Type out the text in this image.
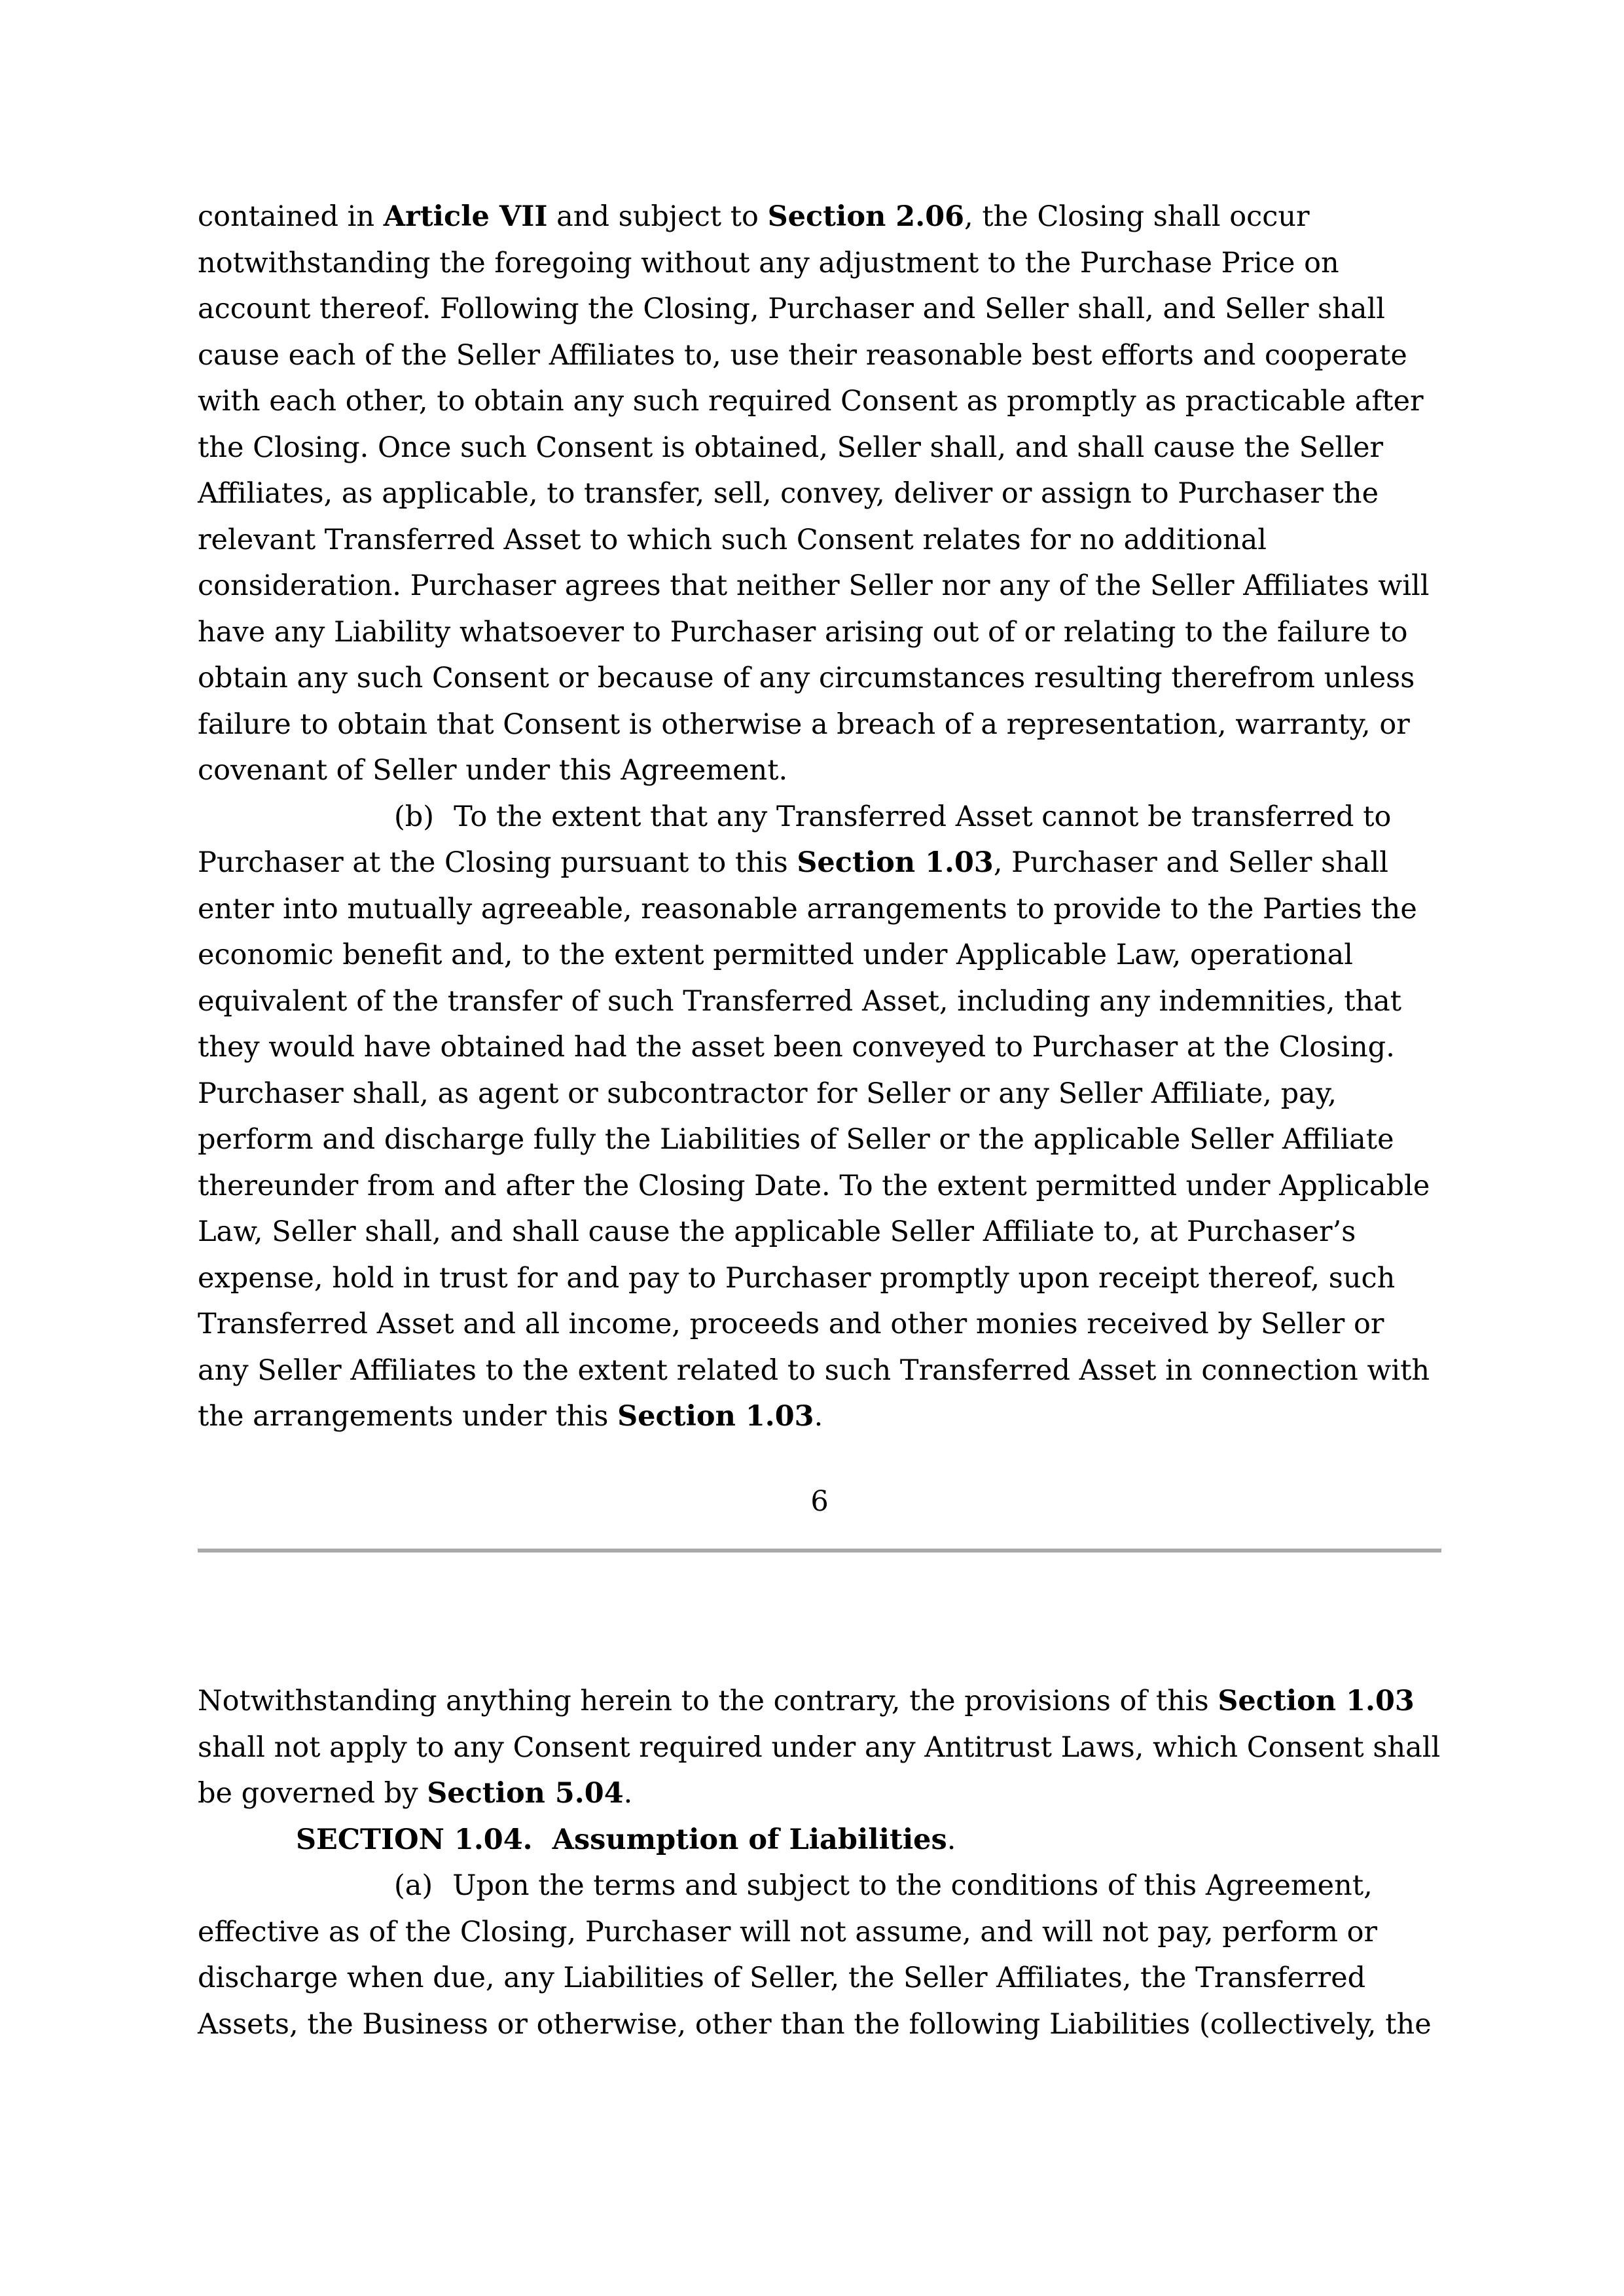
contained in Article VII and subject to Section 2.06, the Closing shall occur notwithstanding the foregoing without any adjustment to the Purchase Price on account thereof. Following the Closing, Purchaser and Seller shall, and Seller shall cause each of the Seller Affiliates to, use their reasonable best efforts and cooperate with each other, to obtain any such required Consent as promptly as practicable after the Closing. Once such Consent is obtained, Seller shall, and shall cause the Seller Affiliates, as applicable, to transfer, sell, convey, deliver or assign to Purchaser the relevant Transferred Asset to which such Consent relates for no additional consideration. Purchaser agrees that neither Seller nor any of the Seller Affiliates will have any Liability whatsoever to Purchaser arising out of or relating to the failure to obtain any such Consent or because of any circumstances resulting therefrom unless failure to obtain that Consent is otherwise a breach of a representation, warranty, or covenant of Seller under this Agreement.

(b) To the extent that any Transferred Asset cannot be transferred to Purchaser at the Closing pursuant to this Section 1.03, Purchaser and Seller shall enter into mutually agreeable, reasonable arrangements to provide to the Parties the economic benefit and, to the extent permitted under Applicable Law, operational equivalent of the transfer of such Transferred Asset, including any indemnities, that they would have obtained had the asset been conveyed to Purchaser at the Closing. Purchaser shall, as agent or subcontractor for Seller or any Seller Affiliate, pay, perform and discharge fully the Liabilities of Seller or the applicable Seller Affiliate thereunder from and after the Closing Date. To the extent permitted under Applicable Law, Seller shall, and shall cause the applicable Seller Affiliate to, at Purchaser’s expense, hold in trust for and pay to Purchaser promptly upon receipt thereof, such Transferred Asset and all income, proceeds and other monies received by Seller or any Seller Affiliates to the extent related to such Transferred Asset in connection with the arrangements under this Section 1.03.

6

Notwithstanding anything herein to the contrary, the provisions of this Section 1.03 shall not apply to any Consent required under any Antitrust Laws, which Consent shall be governed by Section 5.04.

SECTION 1.04. Assumption of Liabilities.

(a) Upon the terms and subject to the conditions of this Agreement, effective as of the Closing, Purchaser will not assume, and will not pay, perform or discharge when due, any Liabilities of Seller, the Seller Affiliates, the Transferred Assets, the Business or otherwise, other than the following Liabilities (collectively, the
